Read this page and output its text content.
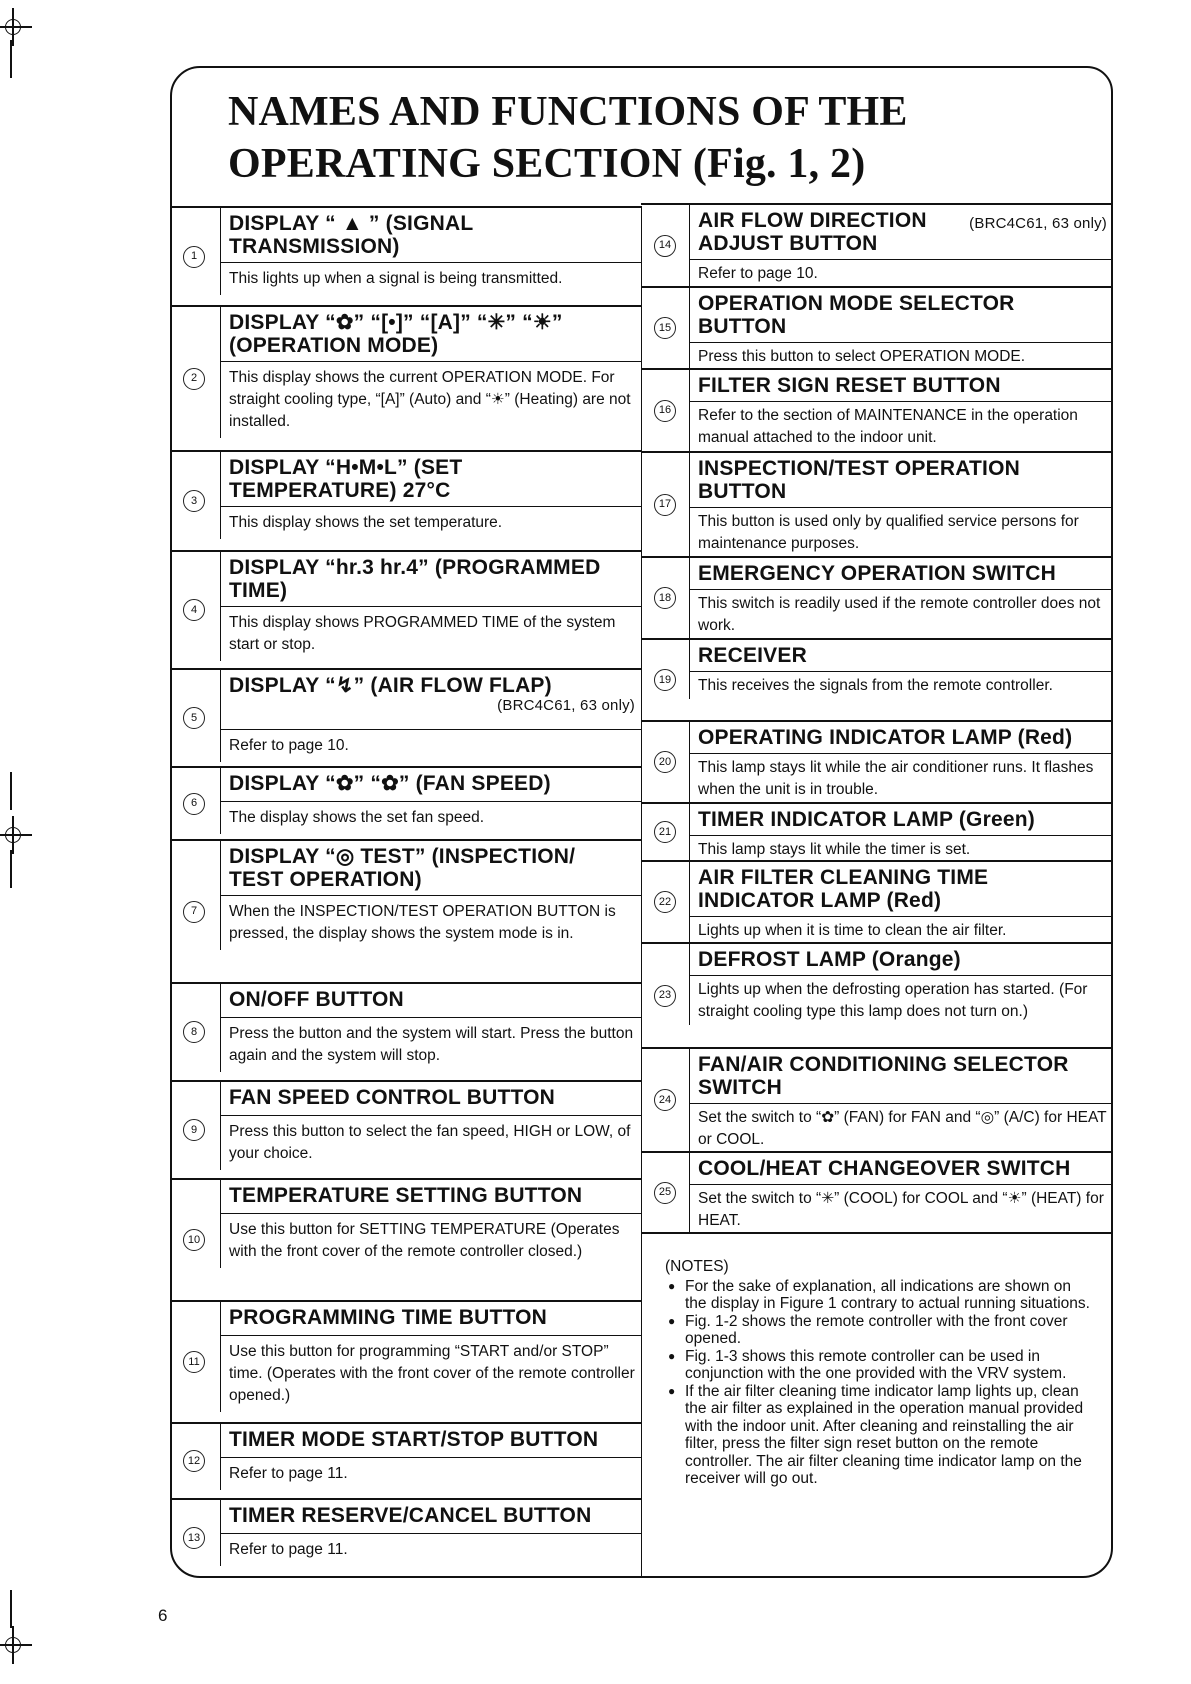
NAMES AND FUNCTIONS OF THE
OPERATING SECTION (Fig. 1, 2)
1
DISPLAY “ ▲ ” (SIGNAL TRANSMISSION)
This lights up when a signal is being transmitted.
2
DISPLAY “✿” “[•]” “[A]” “✳” “☀” (OPERATION MODE)
This display shows the current OPERATION MODE. For straight cooling type, “[A]” (Auto) and “☀” (Heating) are not installed.
3
DISPLAY “H•M•L” (SET TEMPERATURE) 27°C
This display shows the set temperature.
4
DISPLAY “hr.3 hr.4” (PROGRAMMED TIME)
This display shows PROGRAMMED TIME of the system start or stop.
5
DISPLAY “↯” (AIR FLOW FLAP)
(BRC4C61, 63 only)
Refer to page 10.
6
DISPLAY “✿” “✿” (FAN SPEED)
The display shows the set fan speed.
7
DISPLAY “◎ TEST” (INSPECTION/ TEST OPERATION)
When the INSPECTION/TEST OPERATION BUTTON is pressed, the display shows the system mode is in.
8
ON/OFF BUTTON
Press the button and the system will start. Press the button again and the system will stop.
9
FAN SPEED CONTROL BUTTON
Press this button to select the fan speed, HIGH or LOW, of your choice.
10
TEMPERATURE SETTING BUTTON
Use this button for SETTING TEMPERATURE (Operates with the front cover of the remote controller closed.)
11
PROGRAMMING TIME BUTTON
Use this button for programming “START and/or STOP” time. (Operates with the front cover of the remote controller opened.)
12
TIMER MODE START/STOP BUTTON
Refer to page 11.
13
TIMER RESERVE/CANCEL BUTTON
Refer to page 11.
14
(BRC4C61, 63 only)
AIR FLOW DIRECTION ADJUST BUTTON
Refer to page 10.
15
OPERATION MODE SELECTOR BUTTON
Press this button to select OPERATION MODE.
16
FILTER SIGN RESET BUTTON
Refer to the section of MAINTENANCE in the operation manual attached to the indoor unit.
17
INSPECTION/TEST OPERATION BUTTON
This button is used only by qualified service persons for maintenance purposes.
18
EMERGENCY OPERATION SWITCH
This switch is readily used if the remote controller does not work.
19
RECEIVER
This receives the signals from the remote controller.
20
OPERATING INDICATOR LAMP (Red)
This lamp stays lit while the air conditioner runs. It flashes when the unit is in trouble.
21
TIMER INDICATOR LAMP (Green)
This lamp stays lit while the timer is set.
22
AIR FILTER CLEANING TIME INDICATOR LAMP (Red)
Lights up when it is time to clean the air filter.
23
DEFROST LAMP (Orange)
Lights up when the defrosting operation has started. (For straight cooling type this lamp does not turn on.)
24
FAN/AIR CONDITIONING SELECTOR SWITCH
Set the switch to “✿” (FAN) for FAN and “◎” (A/C) for HEAT or COOL.
25
COOL/HEAT CHANGEOVER SWITCH
Set the switch to “✳” (COOL) for COOL and “☀” (HEAT) for HEAT.
(NOTES)
● For the sake of explanation, all indications are shown on the display in Figure 1 contrary to actual running situations.
● Fig. 1-2 shows the remote controller with the front cover opened.
● Fig. 1-3 shows this remote controller can be used in conjunction with the one provided with the VRV system.
● If the air filter cleaning time indicator lamp lights up, clean the air filter as explained in the operation manual provided with the indoor unit. After cleaning and reinstalling the air filter, press the filter sign reset button on the remote controller. The air filter cleaning time indicator lamp on the receiver will go out.
6
